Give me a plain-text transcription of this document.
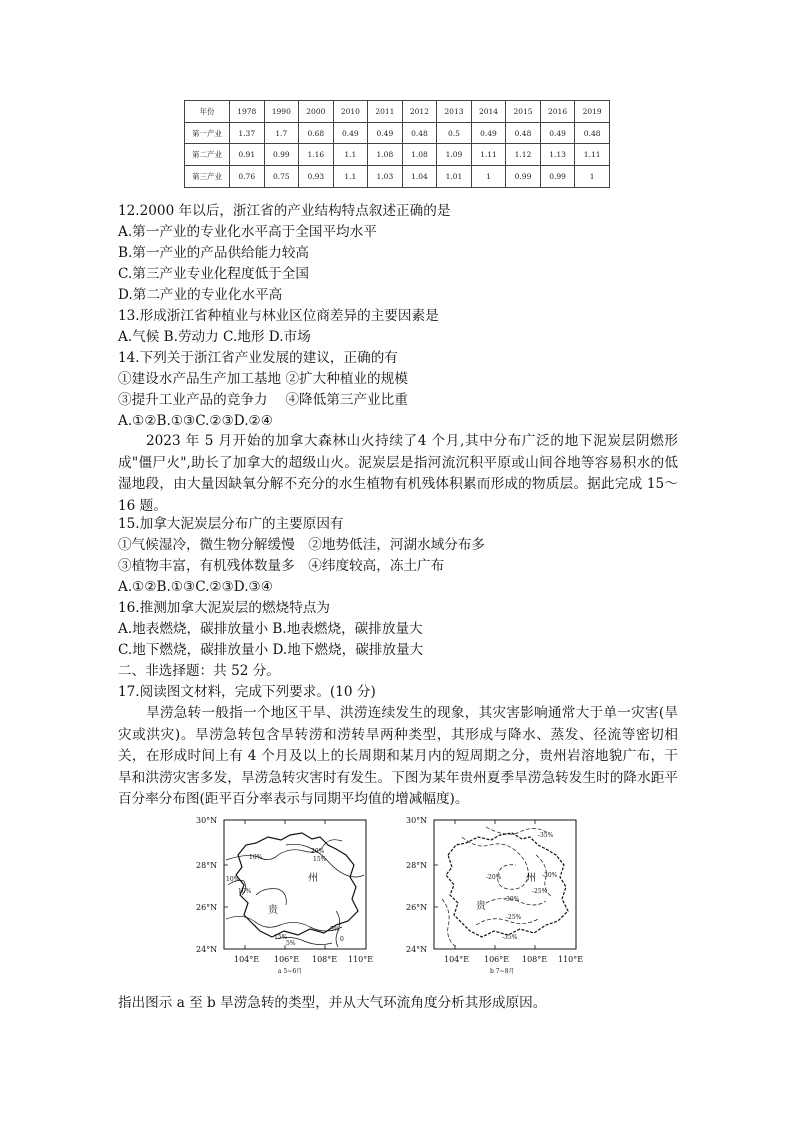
年份	1978	1990	2000	2010	2011	2012	2013	2014	2015	2016	2019
第一产业	1.37	1.7	0.68	0.49	0.49	0.48	0.5	0.49	0.48	0.49	0.48
第二产业	0.91	0.99	1.16	1.1	1.08	1.08	1.09	1.11	1.12	1.13	1.11
第三产业	0.76	0.75	0.93	1.1	1.03	1.04	1.01	1	0.99	0.99	1
12.2000 年以后，浙江省的产业结构特点叙述正确的是
A.第一产业的专业化水平高于全国平均水平
B.第一产业的产品供给能力较高
C.第三产业专业化程度低于全国
D.第二产业的专业化水平高
13.形成浙江省种植业与林业区位商差异的主要因素是
A.气候 B.劳动力 C.地形 D.市场
14.下列关于浙江省产业发展的建议，正确的有
①建设水产品生产加工基地 ②扩大种植业的规模
③提升工业产品的竞争力　 ④降低第三产业比重
A.①②B.①③C.②③D.②④
2023 年 5 月开始的加拿大森林山火持续了4 个月,其中分布广泛的地下泥炭层阴燃形成"僵尸火",助长了加拿大的超级山火。泥炭层是指河流沉积平原或山间谷地等容易积水的低湿地段，由大量因缺氧分解不充分的水生植物有机残体积累而形成的物质层。据此完成 15～16 题。
15.加拿大泥炭层分布广的主要原因有
①气候湿冷，微生物分解缓慢　②地势低洼，河湖水域分布多
③植物丰富，有机残体数量多　④纬度较高，冻土广布
A.①②B.①③C.②③D.③④
16.推测加拿大泥炭层的燃烧特点为
A.地表燃烧，碳排放量小 B.地表燃烧，碳排放量大
C.地下燃烧，碳排放量小 D.地下燃烧，碳排放量大
二、非选择题：共 52 分。
17.阅读图文材料，完成下列要求。(10 分)
旱涝急转一般指一个地区干旱、洪涝连续发生的现象，其灾害影响通常大于单一灾害(旱灾或洪灾)。旱涝急转包含旱转涝和涝转旱两种类型，其形成与降水、蒸发、径流等密切相关，在形成时间上有 4 个月及以上的长周期和某月内的短周期之分，贵州岩溶地貌广布，干旱和洪涝灾害多发，旱涝急转灾害时有发生。下图为某年贵州夏季旱涝急转发生时的降水距平百分率分布图(距平百分率表示与同期平均值的增减幅度)。
20%
15%
10%
10%
10%
15%
5%
0
5%
州
贵
30°N
28°N
26°N
24°N
104°E 106°E 108°E 110°E
a 5~6月
-35%
-30%
-25%
-30%
-25%
-20%
-35%
州
贵
30°N
28°N
26°N
24°N
104°E 106°E 108°E 110°E
b 7~8月
指出图示 a 至 b 旱涝急转的类型，并从大气环流角度分析其形成原因。
